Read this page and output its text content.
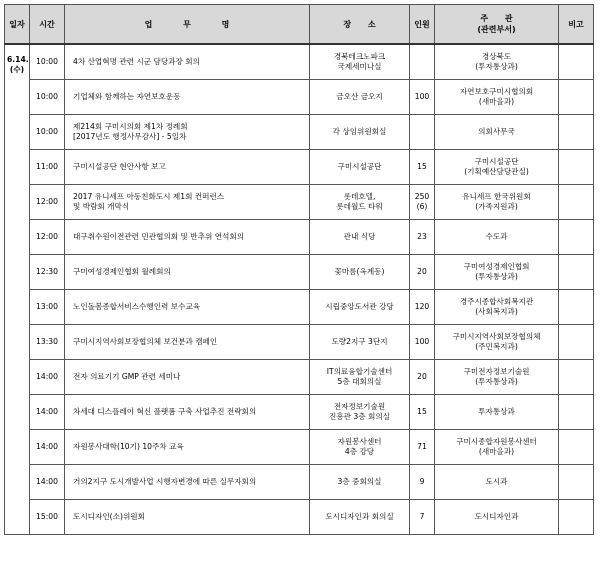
일자	시간	업 무 명	장 소	인원	주 관
(관련부서)	비고

6.14.
(수)	10:00	4차 산업혁명 관련 시군 담당과장 회의	경북테크노파크
국제세미나실		경상북도
(투자통상과)	

	10:00	기업체와 함께하는 자연보호운동	금오산 금오지	100	자연보호구미시협의회
(새마을과)	

	10:00	제214회 구미시의회 제1차 정례회
[2017년도 행정사무감사] - 5일차	각 상임위원회실		의회사무국	

	11:00	구미시설공단 현안사항 보고	구미시설공단	15	구미시설공단
(기획예산담당관실)	

	12:00	2017 유니세프 아동친화도시 제1회 컨퍼런스
및 박람회 개막식	롯데호텔,
롯데월드 타워	250
(6)	유니세프 한국위원회
(가족지원과)	

	12:00	대구취수원이전관련 민관협의회 및 반추위 연석회의	관내 식당	23	수도과	

	12:30	구미여성경제인협회 월례회의	꽃마름(옥계동)	20	구미여성경제인협회
(투자통상과)	

	13:00	노인돌봄종합서비스수행인력 보수교육	시립중앙도서관 강당	120	경주시종합사회복지관
(사회복지과)	

	13:30	구미시지역사회보장협의체 보건분과 캠페인	도량2지구 3단지	100	구미시지역사회보장협의체
(주민복지과)	

	14:00	전자 의료기기 GMP 관련 세미나	IT의료융합기술센터
5층 대회의실	20	구미전자정보기술원
(투자통상과)	

	14:00	차세대 디스플레이 혁신 플랫폼 구축 사업추진 전략회의	전자정보기술원
진흥관 3층 회의실	15	투자통상과	

	14:00	자원봉사대학(10기) 10주차 교육	자원봉사센터
4층 강당	71	구미시종합자원봉사센터
(새마을과)	

	14:00	거의2지구 도시개발사업 시행자변경에 따른 실무자회의	3층 중회의실	9	도시과	

	15:00	도시디자인(소)위원회	도시디자인과 회의실	7	도시디자인과	
